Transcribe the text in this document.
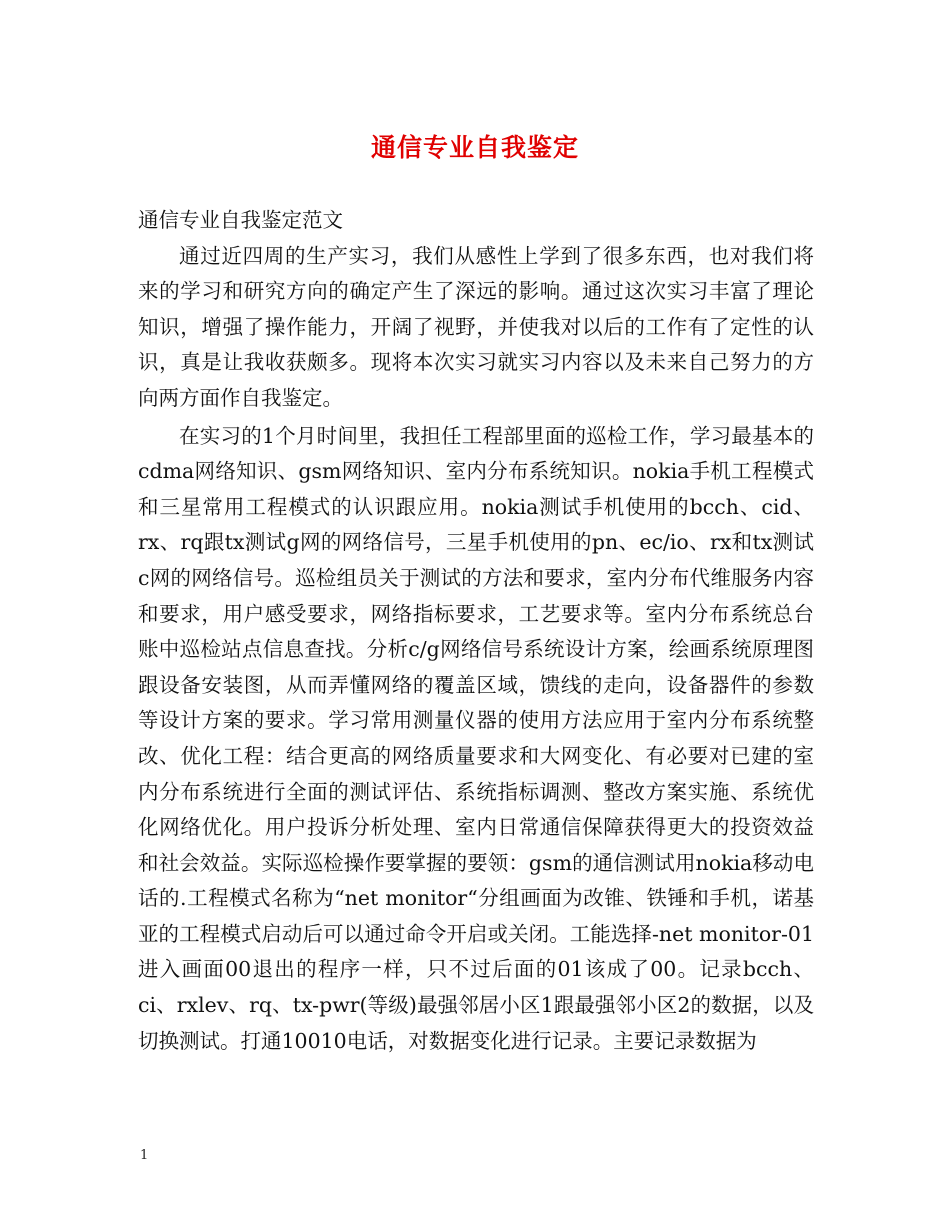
通信专业自我鉴定

通信专业自我鉴定范文

通过近四周的生产实习，我们从感性上学到了很多东西，也对我们将来的学习和研究方向的确定产生了深远的影响。通过这次实习丰富了理论知识，增强了操作能力，开阔了视野，并使我对以后的工作有了定性的认识，真是让我收获颇多。现将本次实习就实习内容以及未来自己努力的方向两方面作自我鉴定。

在实习的1个月时间里，我担任工程部里面的巡检工作，学习最基本的cdma网络知识、gsm网络知识、室内分布系统知识。nokia手机工程模式和三星常用工程模式的认识跟应用。nokia测试手机使用的bcch、cid、rx、rq跟tx测试g网的网络信号，三星手机使用的pn、ec/io、rx和tx测试c网的网络信号。巡检组员关于测试的方法和要求，室内分布代维服务内容和要求，用户感受要求，网络指标要求，工艺要求等。室内分布系统总台账中巡检站点信息查找。分析c/g网络信号系统设计方案，绘画系统原理图跟设备安装图，从而弄懂网络的覆盖区域，馈线的走向，设备器件的参数等设计方案的要求。学习常用测量仪器的使用方法应用于室内分布系统整改、优化工程：结合更高的网络质量要求和大网变化、有必要对已建的室内分布系统进行全面的测试评估、系统指标调测、整改方案实施、系统优化网络优化。用户投诉分析处理、室内日常通信保障获得更大的投资效益和社会效益。实际巡检操作要掌握的要领：gsm的通信测试用nokia移动电话的.工程模式名称为“net monitor“分组画面为改锥、铁锤和手机，诺基亚的工程模式启动后可以通过命令开启或关闭。工能选择-net monitor-01进入画面00退出的程序一样，只不过后面的01该成了00。记录bcch、ci、rxlev、rq、tx-pwr(等级)最强邻居小区1跟最强邻小区2的数据，以及切换测试。打通10010电话，对数据变化进行记录。主要记录数据为

1
